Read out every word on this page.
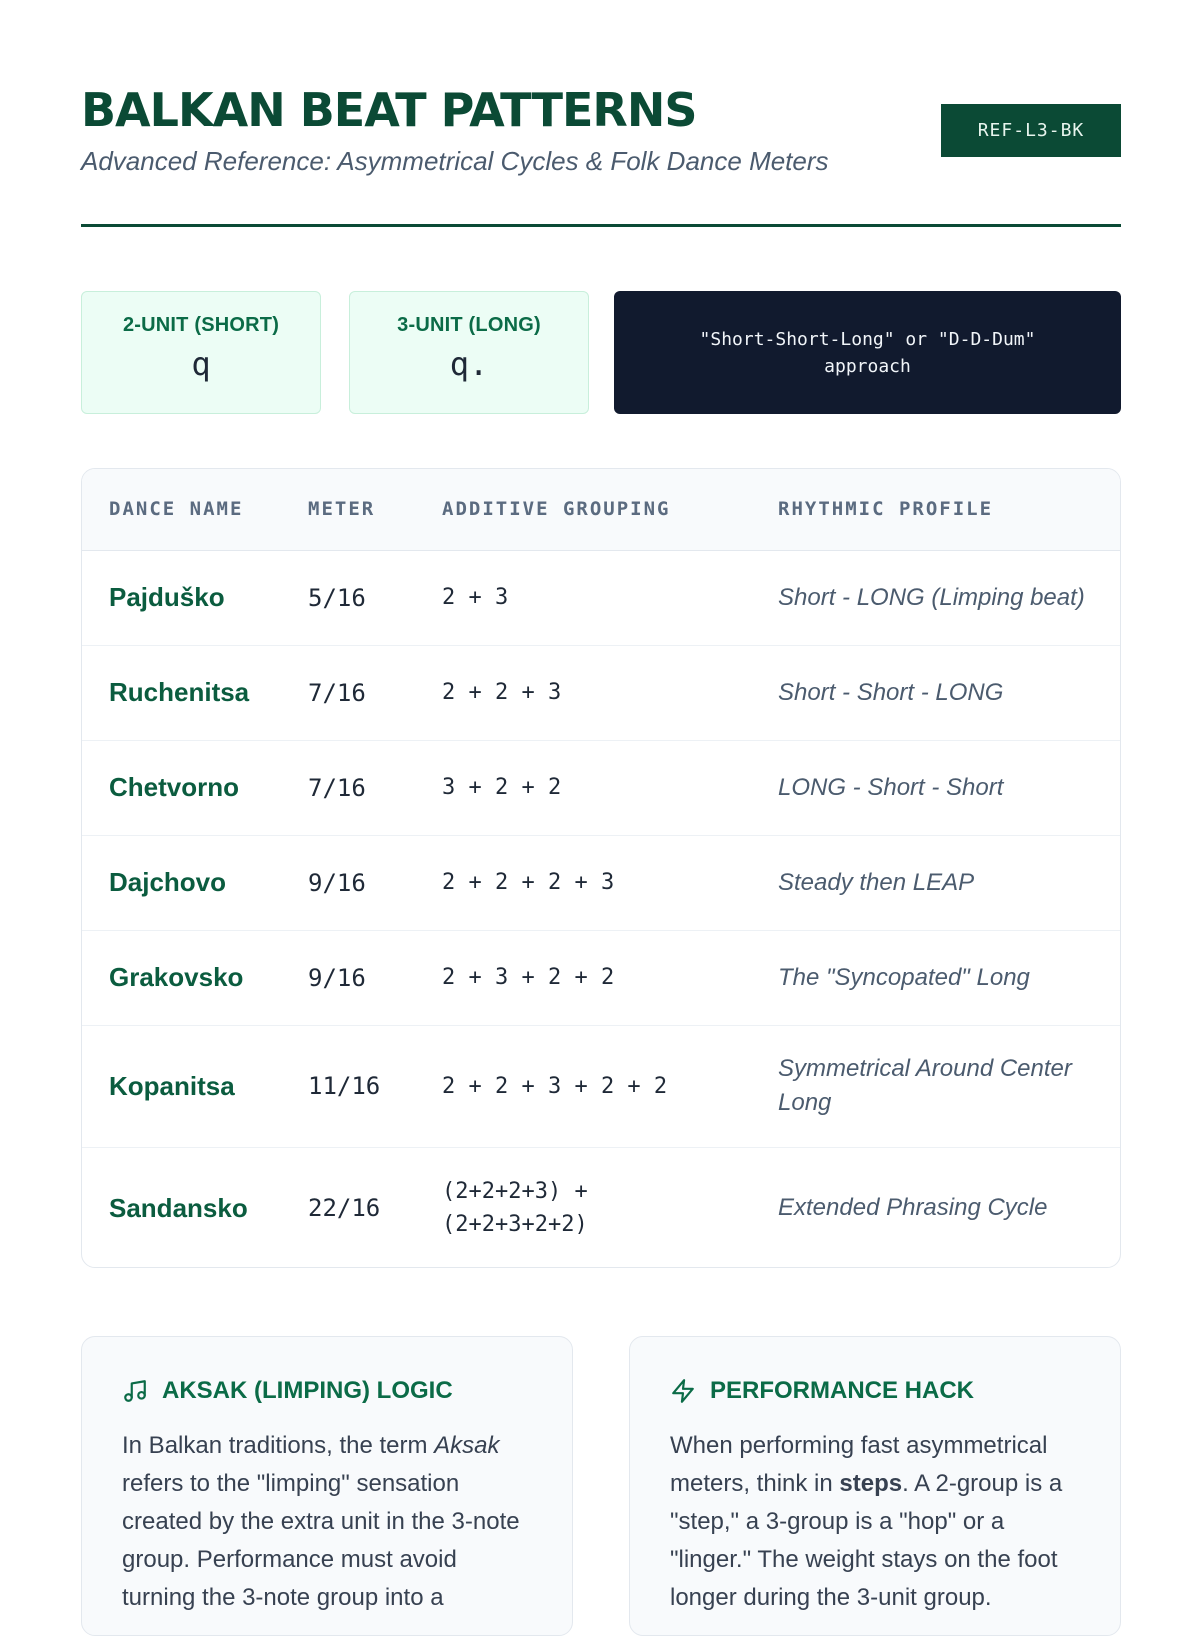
BALKAN BEAT PATTERNS
Advanced Reference: Asymmetrical Cycles & Folk Dance Meters
REF-L3-BK
2-UNIT (SHORT)
q
3-UNIT (LONG)
q.
"Short-Short-Long" or "D-D-Dum" approach
DANCE NAME	METER	ADDITIVE GROUPING	RHYTHMIC PROFILE
Pajduško	5/16	2 + 3	Short - LONG (Limping beat)
Ruchenitsa	7/16	2 + 2 + 3	Short - Short - LONG
Chetvorno	7/16	3 + 2 + 2	LONG - Short - Short
Dajchovo	9/16	2 + 2 + 2 + 3	Steady then LEAP
Grakovsko	9/16	2 + 3 + 2 + 2	The "Syncopated" Long
Kopanitsa	11/16	2 + 2 + 3 + 2 + 2	Symmetrical Around Center Long
Sandansko	22/16	(2+2+2+3) + (2+2+3+2+2)	Extended Phrasing Cycle
AKSAK (LIMPING) LOGIC

In Balkan traditions, the term Aksak refers to the "limping" sensation created by the extra unit in the 3-note group. Performance must avoid turning the 3-note group into a

PERFORMANCE HACK

When performing fast asymmetrical meters, think in steps. A 2-group is a "step," a 3-group is a "hop" or a "linger." The weight stays on the foot longer during the 3-unit group.
